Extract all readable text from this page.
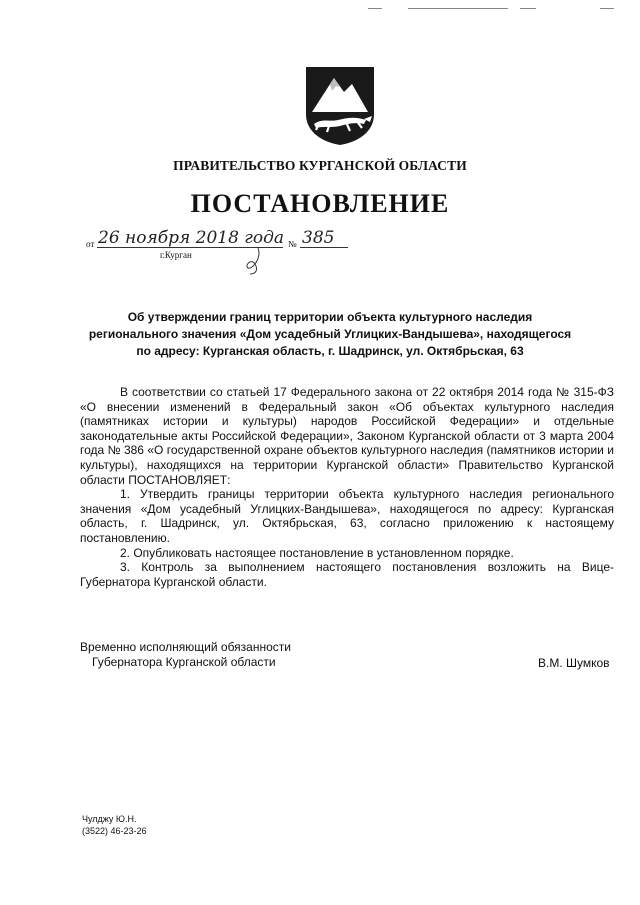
ПРАВИТЕЛЬСТВО КУРГАНСКОЙ ОБЛАСТИ
ПОСТАНОВЛЕНИЕ
от 26 ноября 2018 года № 385
г.Курган
Об утверждении границ территории объекта культурного наследия
регионального значения «Дом усадебный Углицких-Вандышева», находящегося
по адресу: Курганская область, г. Шадринск, ул. Октябрьская, 63

В соответствии со статьей 17 Федерального закона от 22 октября 2014 года № 315-ФЗ «О внесении изменений в Федеральный закон «Об объектах культурного наследия (памятниках истории и культуры) народов Российской Федерации» и отдельные законодательные акты Российской Федерации», Законом Курганской области от 3 марта 2004 года № 386 «О государственной охране объектов культурного наследия (памятников истории и культуры), находящихся на территории Курганской области» Правительство Курганской области ПОСТАНОВЛЯЕТ:

1. Утвердить границы территории объекта культурного наследия регионального значения «Дом усадебный Углицких-Вандышева», находящегося по адресу: Курганская область, г. Шадринск, ул. Октябрьская, 63, согласно приложению к настоящему постановлению.

2. Опубликовать настоящее постановление в установленном порядке.

3. Контроль за выполнением настоящего постановления возложить на Вице-Губернатора Курганской области.

Временно исполняющий обязанности
Губернатора Курганской области	В.М. Шумков
Чулджу Ю.Н.
(3522) 46-23-26
